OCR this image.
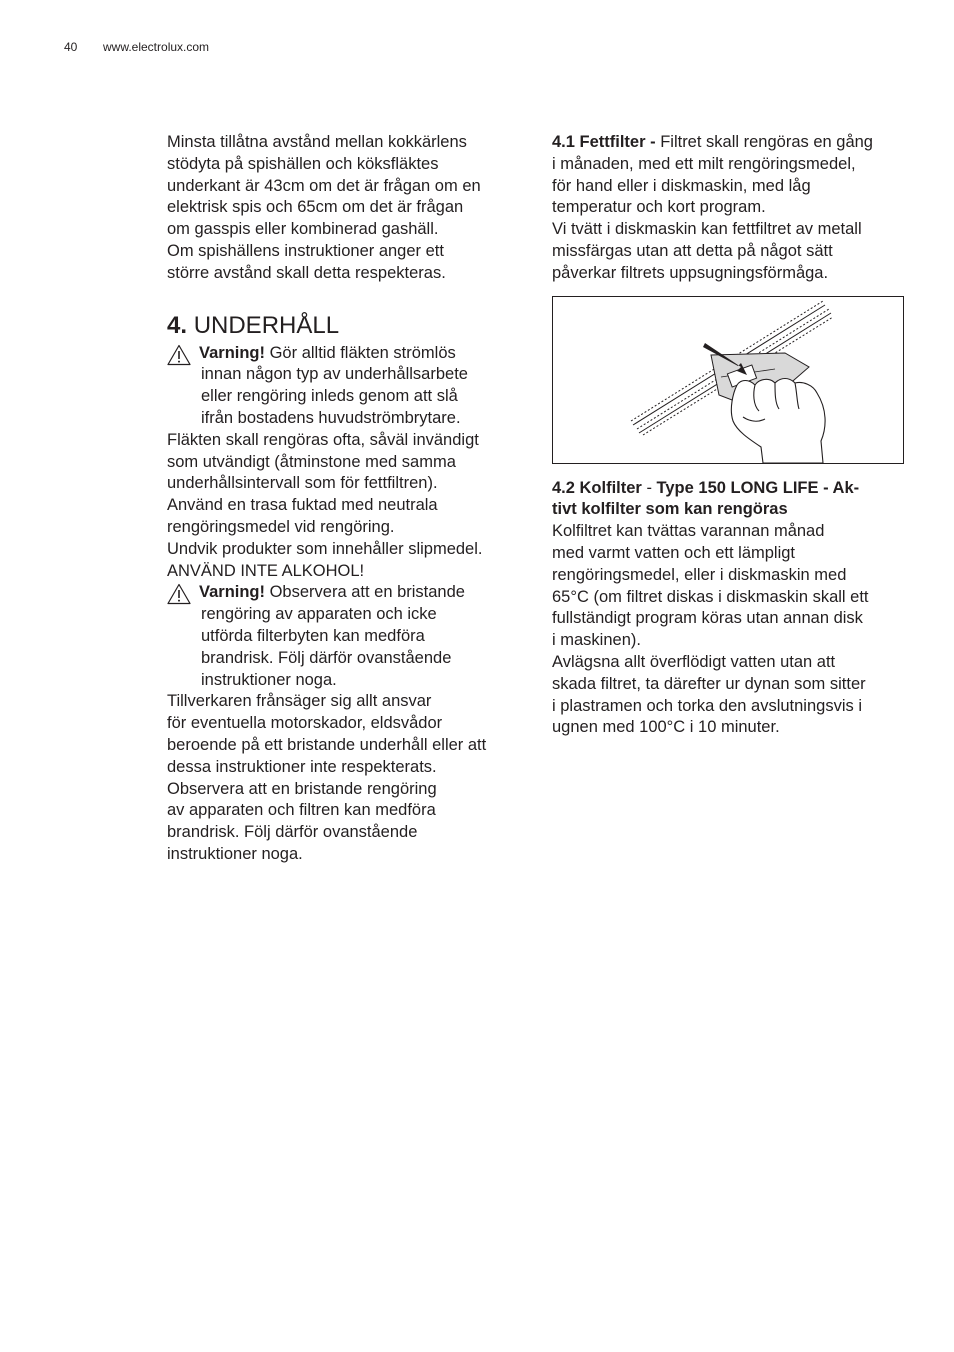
40 www.electrolux.com

Minsta tillåtna avstånd mellan kokkärlens
stödyta på spishällen och köksfläktes
underkant är 43cm om det är frågan om en
elektrisk spis och 65cm om det är frågan
om gasspis eller kombinerad gashäll.
Om spishällens instruktioner anger ett
större avstånd skall detta respekteras.

4. UNDERHÅLL
Varning! Gör alltid fläkten strömlös
innan någon typ av underhållsarbete
eller rengöring inleds genom att slå
ifrån bostadens huvudströmbrytare.

Fläkten skall rengöras ofta, såväl invändigt
som utvändigt (åtminstone med samma
underhållsintervall som för fettfiltren).
Använd en trasa fuktad med neutrala
rengöringsmedel vid rengöring.
Undvik produkter som innehåller slipmedel.
ANVÄND INTE ALKOHOL!

Varning! Observera att en bristande
rengöring av apparaten och icke
utförda filterbyten kan medföra
brandrisk. Följ därför ovanstående
instruktioner noga.

Tillverkaren frånsäger sig allt ansvar
för eventuella motorskador, eldsvådor
beroende på ett bristande underhåll eller att
dessa instruktioner inte respekterats.
Observera att en bristande rengöring
av apparaten och filtren kan medföra
brandrisk. Följ därför ovanstående
instruktioner noga.

4.1 Fettfilter - Filtret skall rengöras en gång
i månaden, med ett milt rengöringsmedel,
för hand eller i diskmaskin, med låg
temperatur och kort program.
Vi tvätt i diskmaskin kan fettfiltret av metall
missfärgas utan att detta på något sätt
påverkar filtrets uppsugningsförmåga.

4.2 Kolfilter - Type 150 LONG LIFE - Ak-
tivt kolfilter som kan rengöras
Kolfiltret kan tvättas varannan månad
med varmt vatten och ett lämpligt
rengöringsmedel, eller i diskmaskin med
65°C (om filtret diskas i diskmaskin skall ett
fullständigt program köras utan annan disk
i maskinen).
Avlägsna allt överflödigt vatten utan att
skada filtret, ta därefter ur dynan som sitter
i plastramen och torka den avslutningsvis i
ugnen med 100°C i 10 minuter.
